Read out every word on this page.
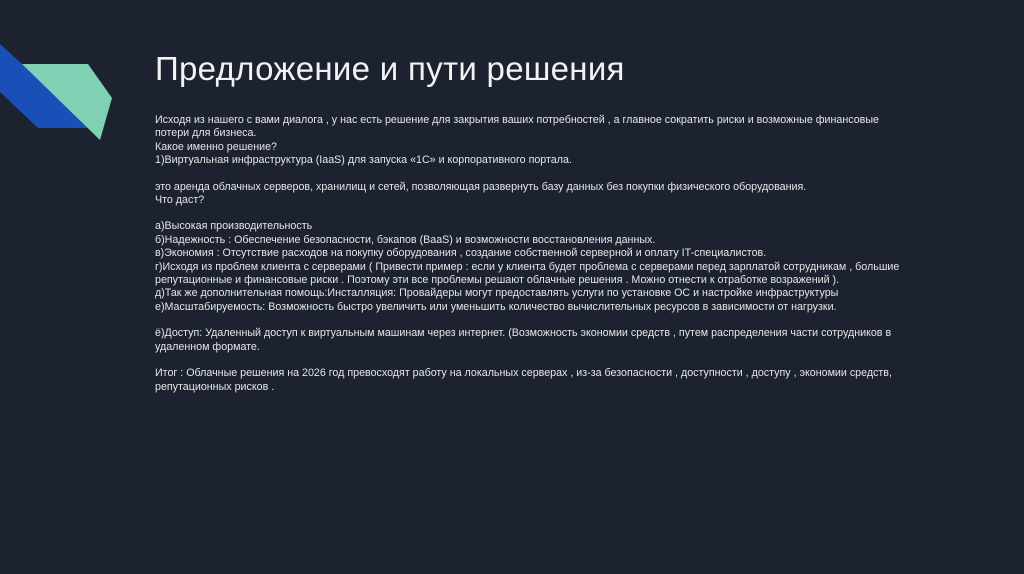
Предложение и пути решения

Исходя из нашего с вами диалога , у нас есть решение для закрытия ваших потребностей , а главное сократить риски и возможные финансовые потери для бизнеса.

Какое именно решение?

1)Виртуальная инфраструктура (IaaS) для запуска «1С» и корпоративного портала.

это аренда облачных серверов, хранилищ и сетей, позволяющая развернуть базу данных без покупки физического оборудования.

Что даст?

а)Высокая производительность

б)Надежность : Обеспечение безопасности, бэкапов (BaaS) и возможности восстановления данных.

в)Экономия : Отсутствие расходов на покупку оборудования , создание собственной серверной и оплату IT-специалистов.

г)Исходя из проблем клиента с серверами ( Привести пример : если у клиента будет проблема с серверами перед зарплатой сотрудникам , большие репутационные и финансовые риски . Поэтому эти все проблемы решают облачные решения . Можно отнести к отработке возражений ).

д)Так же дополнительная помощь:Инсталляция: Провайдеры могут предоставлять услуги по установке ОС и настройке инфраструктуры

е)Масштабируемость: Возможность быстро увеличить или уменьшить количество вычислительных ресурсов в зависимости от нагрузки.

ё)Доступ: Удаленный доступ к виртуальным машинам через интернет. (Возможность экономии средств , путем распределения части сотрудников в удаленном формате.

Итог : Облачные решения на 2026 год превосходят работу на локальных серверах , из-за безопасности , доступности , доступу , экономии средств, репутационных рисков .
